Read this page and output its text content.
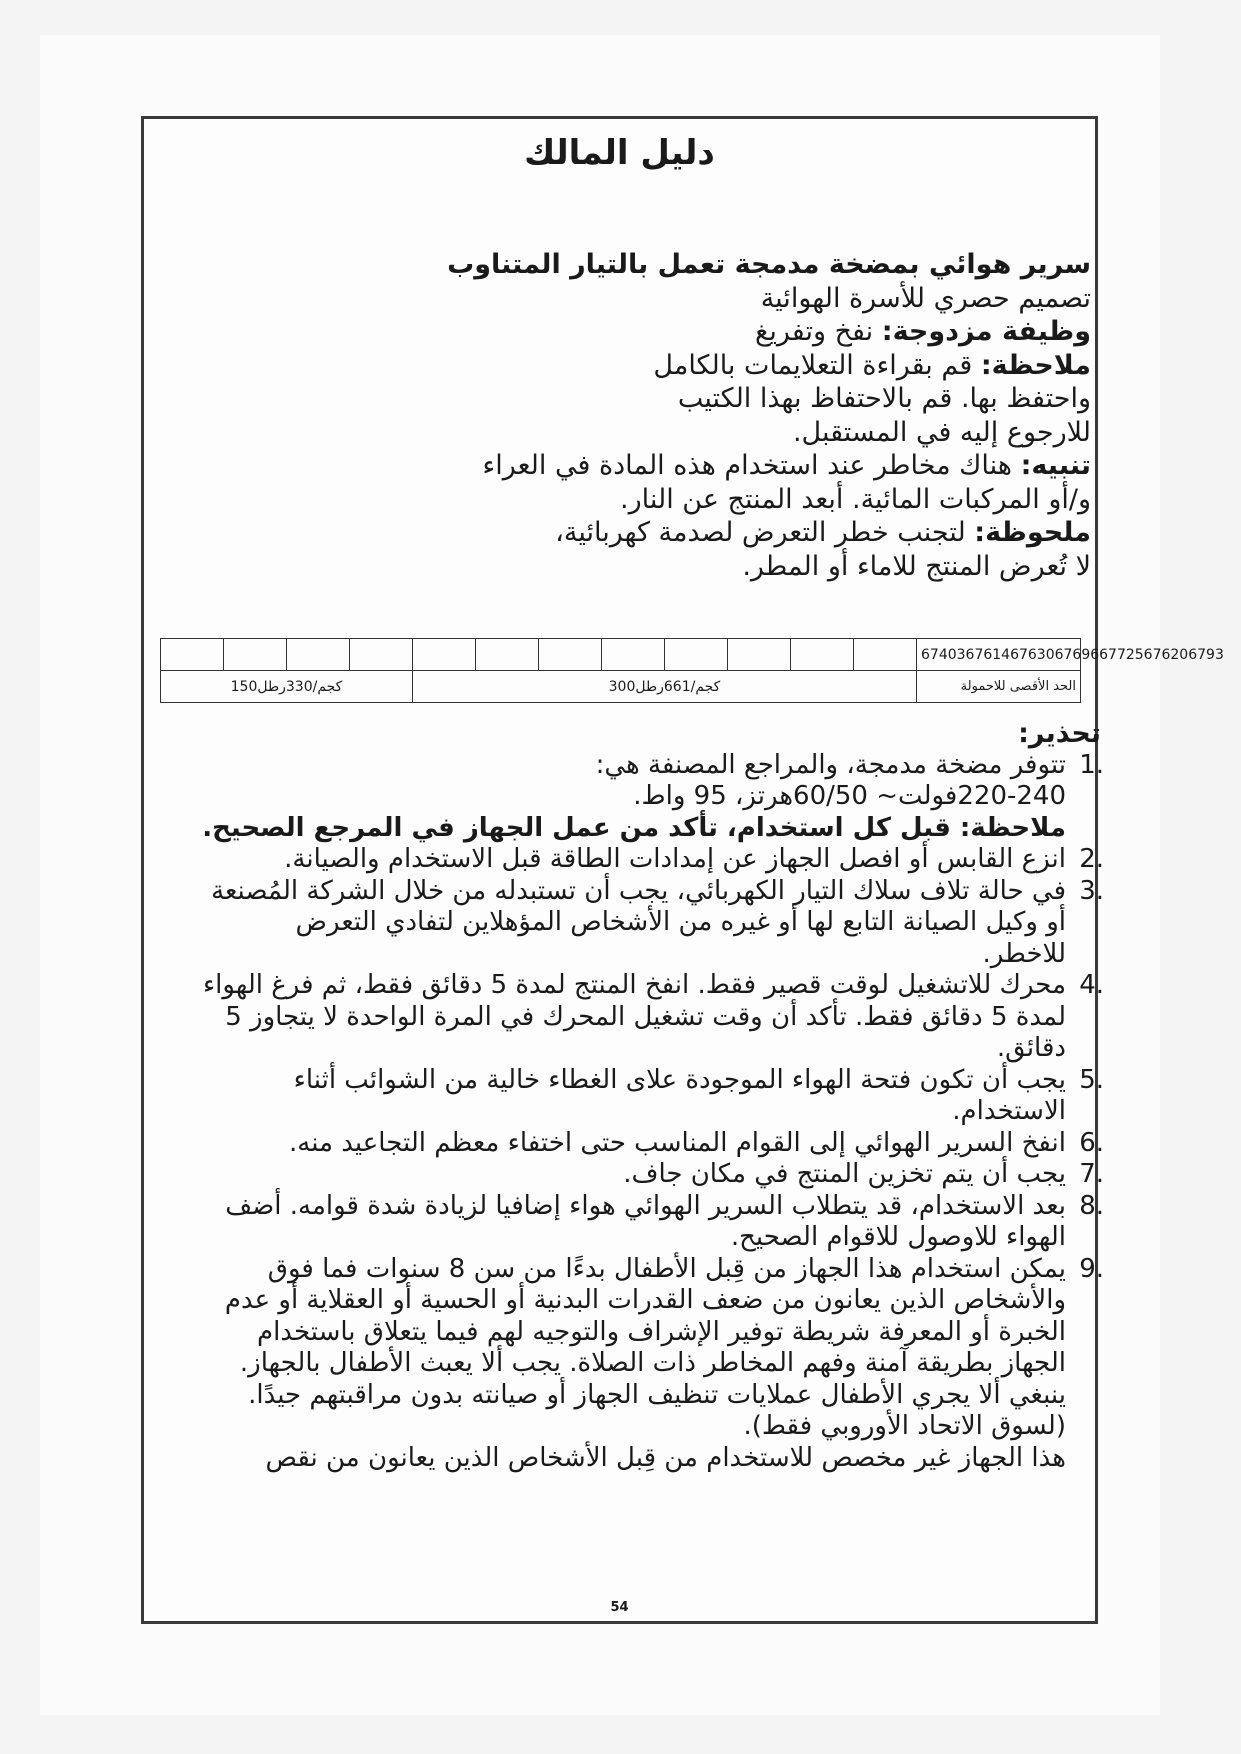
دليل المالك

سرير هوائي بمضخة مدمجة تعمل بالتيار المتناوب

تصميم حصري للأسرة الهوائية

وظيفة مزدوجة: نفخ وتفريغ

ملاحظة: قم بقراءة التعلايمات بالكامل

واحتفظ بها. قم بالاحتفاظ بهذا الكتيب

للارجوع إليه في المستقبل.

تنبيه: هناك مخاطر عند استخدام هذه المادة في العراء

و/أو المركبات المائية. أبعد المنتج عن النار.

ملحوظة: لتجنب خطر التعرض لصدمة كهربائية،

لا تُعرض المنتج للاماء أو المطر.

												6740367614676306769667725676206793
150كجم/330رطل				300كجم/661رطل								الحد الأقصى للاحمولة
تحذير:
1.
تتوفر مضخة مدمجة، والمراجع المصنفة هي:
220-240فولت~ 60/50هرتز، 95 واط.
ملاحظة: قبل كل استخدام، تأكد من عمل الجهاز في المرجع الصحيح.
2.
انزع القابس أو افصل الجهاز عن إمدادات الطاقة قبل الاستخدام والصيانة.
3.
في حالة تلاف سلاك التيار الكهربائي، يجب أن تستبدله من خلال الشركة المُصنعة
أو وكيل الصيانة التابع لها أو غيره من الأشخاص المؤهلاين لتفادي التعرض
للاخطر.
4.
محرك للاتشغيل لوقت قصير فقط. انفخ المنتج لمدة 5 دقائق فقط، ثم فرغ الهواء
لمدة 5 دقائق فقط. تأكد أن وقت تشغيل المحرك في المرة الواحدة لا يتجاوز 5
دقائق.
5.
يجب أن تكون فتحة الهواء الموجودة علاى الغطاء خالية من الشوائب أثناء
الاستخدام.
6.
انفخ السرير الهوائي إلى القوام المناسب حتى اختفاء معظم التجاعيد منه.
7.
يجب أن يتم تخزين المنتج في مكان جاف.
8.
بعد الاستخدام، قد يتطلاب السرير الهوائي هواء إضافيا لزيادة شدة قوامه. أضف
الهواء للاوصول للاقوام الصحيح.
9.
يمكن استخدام هذا الجهاز من قِبل الأطفال بدءًا من سن 8 سنوات فما فوق
والأشخاص الذين يعانون من ضعف القدرات البدنية أو الحسية أو العقلاية أو عدم
الخبرة أو المعرفة شريطة توفير الإشراف والتوجيه لهم فيما يتعلاق باستخدام
الجهاز بطريقة آمنة وفهم المخاطر ذات الصلاة. يجب ألا يعبث الأطفال بالجهاز.
ينبغي ألا يجري الأطفال عملايات تنظيف الجهاز أو صيانته بدون مراقبتهم جيدًا.
(لسوق الاتحاد الأوروبي فقط).
هذا الجهاز غير مخصص للاستخدام من قِبل الأشخاص الذين يعانون من نقص
54
